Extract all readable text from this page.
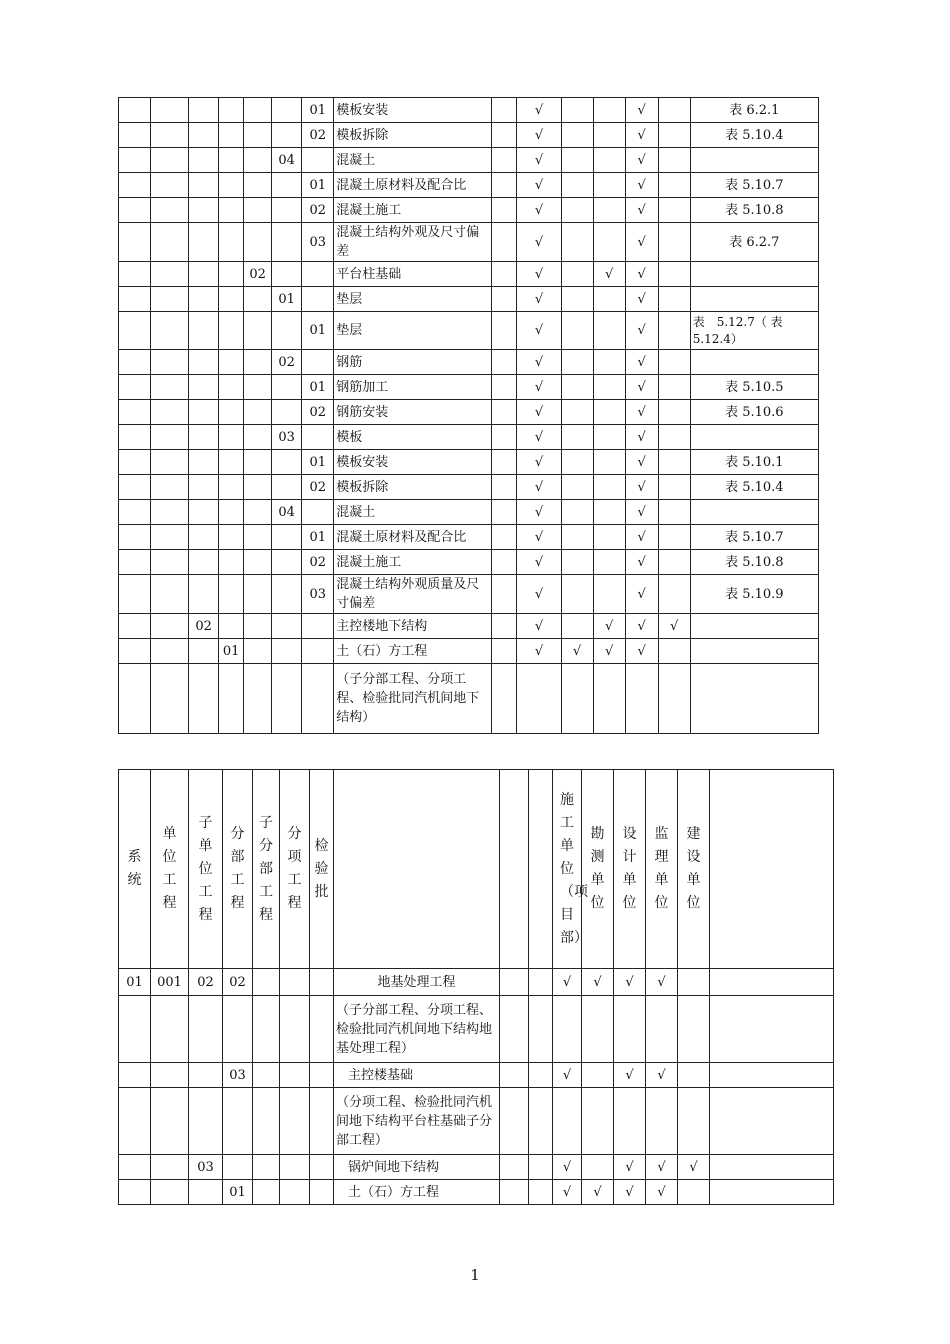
						01	模板安装		√			√		表 6.2.1
						02	模板拆除		√			√		表 5.10.4
					04		混凝土		√			√		
						01	混凝土原材料及配合比		√			√		表 5.10.7
						02	混凝土施工		√			√		表 5.10.8
						03	混凝土结构外观及尺寸偏差		√			√		表 6.2.7
				02			平台柱基础		√		√	√		
					01		垫层		√			√		
						01	垫层		√			√		表　5.12.7（ 表 5.12.4）
					02		钢筋		√			√		
						01	钢筋加工		√			√		表 5.10.5
						02	钢筋安装		√			√		表 5.10.6
					03		模板		√			√		
						01	模板安装		√			√		表 5.10.1
						02	模板拆除		√			√		表 5.10.4
					04		混凝土		√			√		
						01	混凝土原材料及配合比		√			√		表 5.10.7
						02	混凝土施工		√			√		表 5.10.8
						03	混凝土结构外观质量及尺寸偏差		√			√		表 5.10.9
		02					主控楼地下结构		√		√	√	√	
			01				土（石）方工程		√	√	√	√		
							（子分部工程、分项工程、检验批同汽机间地下结构）							
系统	单位工程	子单位工程	分部工程	子分部工程	分项工程	检验批				施工单位（项目部）	勘测单位	设计单位	监理单位	建设单位	
01	001	02	02				地基处理工程			√	√	√	√		
							（子分部工程、分项工程、检验批同汽机间地下结构地基处理工程）								
			03				主控楼基础			√		√	√		
							（分项工程、检验批同汽机间地下结构平台柱基础子分部工程）								
		03					锅炉间地下结构			√		√	√	√	
			01				土（石）方工程			√	√	√	√		
1
